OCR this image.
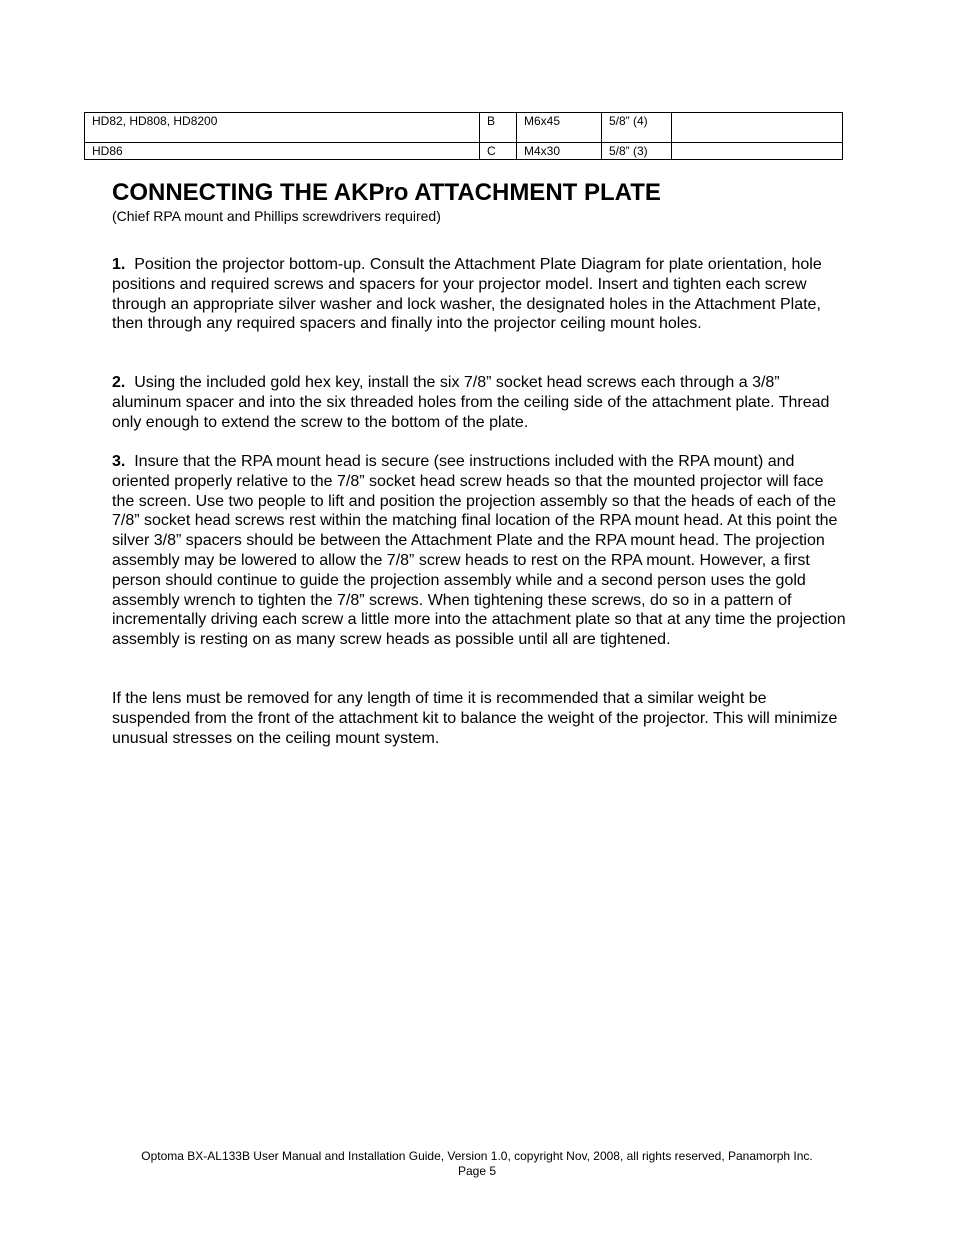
HD82, HD808, HD8200	B	M6x45	5/8” (4)	
HD86	C	M4x30	5/8” (3)	
CONNECTING THE AKPro ATTACHMENT PLATE

(Chief RPA mount and Phillips screwdrivers required)

1. Position the projector bottom-up. Consult the Attachment Plate Diagram for plate orientation, hole positions and required screws and spacers for your projector model. Insert and tighten each screw through an appropriate silver washer and lock washer, the designated holes in the Attachment Plate, then through any required spacers and finally into the projector ceiling mount holes.

2. Using the included gold hex key, install the six 7/8” socket head screws each through a 3/8” aluminum spacer and into the six threaded holes from the ceiling side of the attachment plate. Thread only enough to extend the screw to the bottom of the plate.

3. Insure that the RPA mount head is secure (see instructions included with the RPA mount) and oriented properly relative to the 7/8” socket head screw heads so that the mounted projector will face the screen. Use two people to lift and position the projection assembly so that the heads of each of the 7/8” socket head screws rest within the matching final location of the RPA mount head. At this point the silver 3/8” spacers should be between the Attachment Plate and the RPA mount head. The projection assembly may be lowered to allow the 7/8” screw heads to rest on the RPA mount. However, a first person should continue to guide the projection assembly while and a second person uses the gold assembly wrench to tighten the 7/8” screws. When tightening these screws, do so in a pattern of incrementally driving each screw a little more into the attachment plate so that at any time the projection assembly is resting on as many screw heads as possible until all are tightened.

If the lens must be removed for any length of time it is recommended that a similar weight be suspended from the front of the attachment kit to balance the weight of the projector. This will minimize unusual stresses on the ceiling mount system.

Optoma BX-AL133B User Manual and Installation Guide, Version 1.0, copyright Nov, 2008, all rights reserved, Panamorph Inc.
Page 5
